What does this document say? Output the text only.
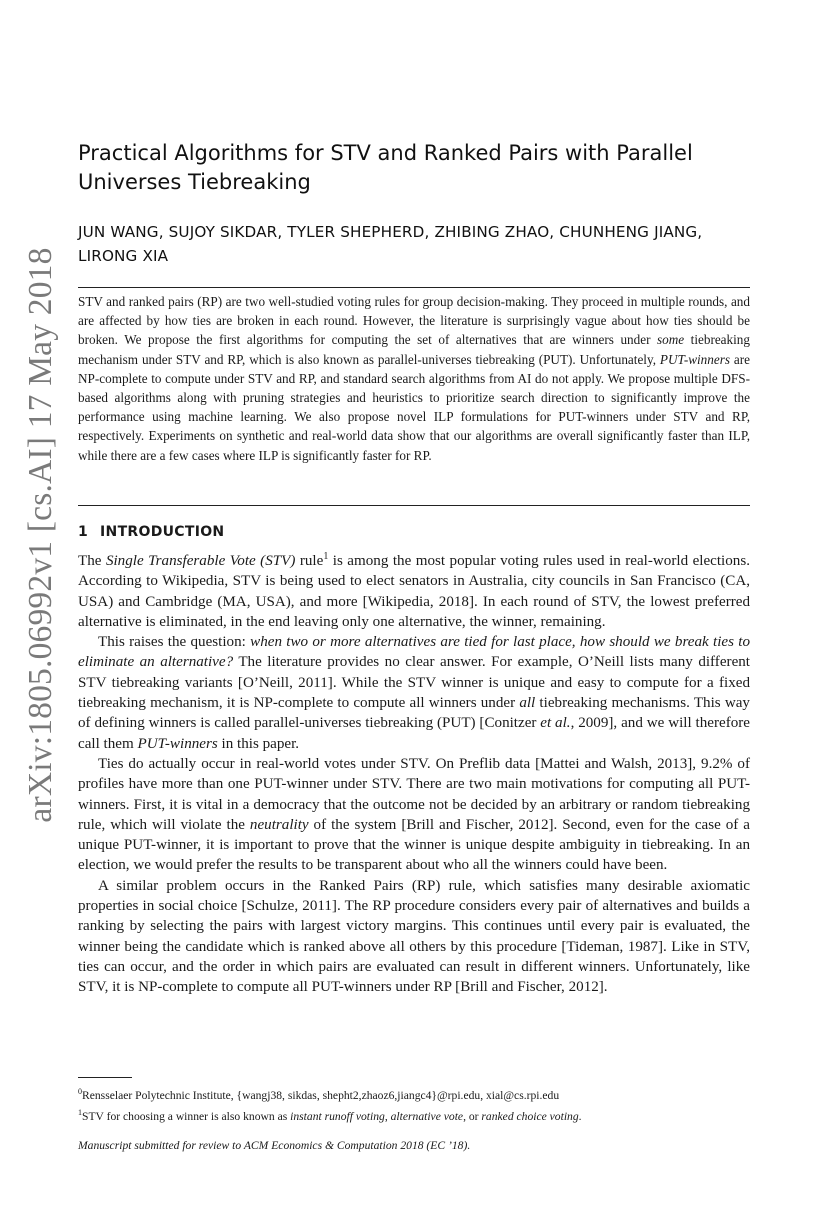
arXiv:1805.06992v1 [cs.AI] 17 May 2018
Practical Algorithms for STV and Ranked Pairs with Parallel Universes Tiebreaking
JUN WANG, SUJOY SIKDAR, TYLER SHEPHERD, ZHIBING ZHAO, CHUNHENG JIANG, LIRONG XIA
STV and ranked pairs (RP) are two well-studied voting rules for group decision-making. They proceed in multiple rounds, and are affected by how ties are broken in each round. However, the literature is surprisingly vague about how ties should be broken. We propose the first algorithms for computing the set of alternatives that are winners under some tiebreaking mechanism under STV and RP, which is also known as parallel-universes tiebreaking (PUT). Unfortunately, PUT-winners are NP-complete to compute under STV and RP, and standard search algorithms from AI do not apply. We propose multiple DFS-based algorithms along with pruning strategies and heuristics to prioritize search direction to significantly improve the performance using machine learning. We also propose novel ILP formulations for PUT-winners under STV and RP, respectively. Experiments on synthetic and real-world data show that our algorithms are overall significantly faster than ILP, while there are a few cases where ILP is significantly faster for RP.
1 INTRODUCTION

The Single Transferable Vote (STV) rule$^1$ is among the most popular voting rules used in real-world elections. According to Wikipedia, STV is being used to elect senators in Australia, city councils in San Francisco (CA, USA) and Cambridge (MA, USA), and more [Wikipedia, 2018]. In each round of STV, the lowest preferred alternative is eliminated, in the end leaving only one alternative, the winner, remaining.

This raises the question: when two or more alternatives are tied for last place, how should we break ties to eliminate an alternative? The literature provides no clear answer. For example, O’Neill lists many different STV tiebreaking variants [O’Neill, 2011]. While the STV winner is unique and easy to compute for a fixed tiebreaking mechanism, it is NP-complete to compute all winners under all tiebreaking mechanisms. This way of defining winners is called parallel-universes tiebreaking (PUT) [Conitzer et al., 2009], and we will therefore call them PUT-winners in this paper.

Ties do actually occur in real-world votes under STV. On Preflib data [Mattei and Walsh, 2013], 9.2% of profiles have more than one PUT-winner under STV. There are two main motivations for computing all PUT-winners. First, it is vital in a democracy that the outcome not be decided by an arbitrary or random tiebreaking rule, which will violate the neutrality of the system [Brill and Fischer, 2012]. Second, even for the case of a unique PUT-winner, it is important to prove that the winner is unique despite ambiguity in tiebreaking. In an election, we would prefer the results to be transparent about who all the winners could have been.

A similar problem occurs in the Ranked Pairs (RP) rule, which satisfies many desirable axiomatic properties in social choice [Schulze, 2011]. The RP procedure considers every pair of alternatives and builds a ranking by selecting the pairs with largest victory margins. This continues until every pair is evaluated, the winner being the candidate which is ranked above all others by this procedure [Tideman, 1987]. Like in STV, ties can occur, and the order in which pairs are evaluated can result in different winners. Unfortunately, like STV, it is NP-complete to compute all PUT-winners under RP [Brill and Fischer, 2012].

$^0$Rensselaer Polytechnic Institute, {wangj38, sikdas, shepht2,zhaoz6,jiangc4}@rpi.edu, xial@cs.rpi.edu
$^1$STV for choosing a winner is also known as instant runoff voting, alternative vote, or ranked choice voting.
Manuscript submitted for review to ACM Economics & Computation 2018 (EC ’18).
